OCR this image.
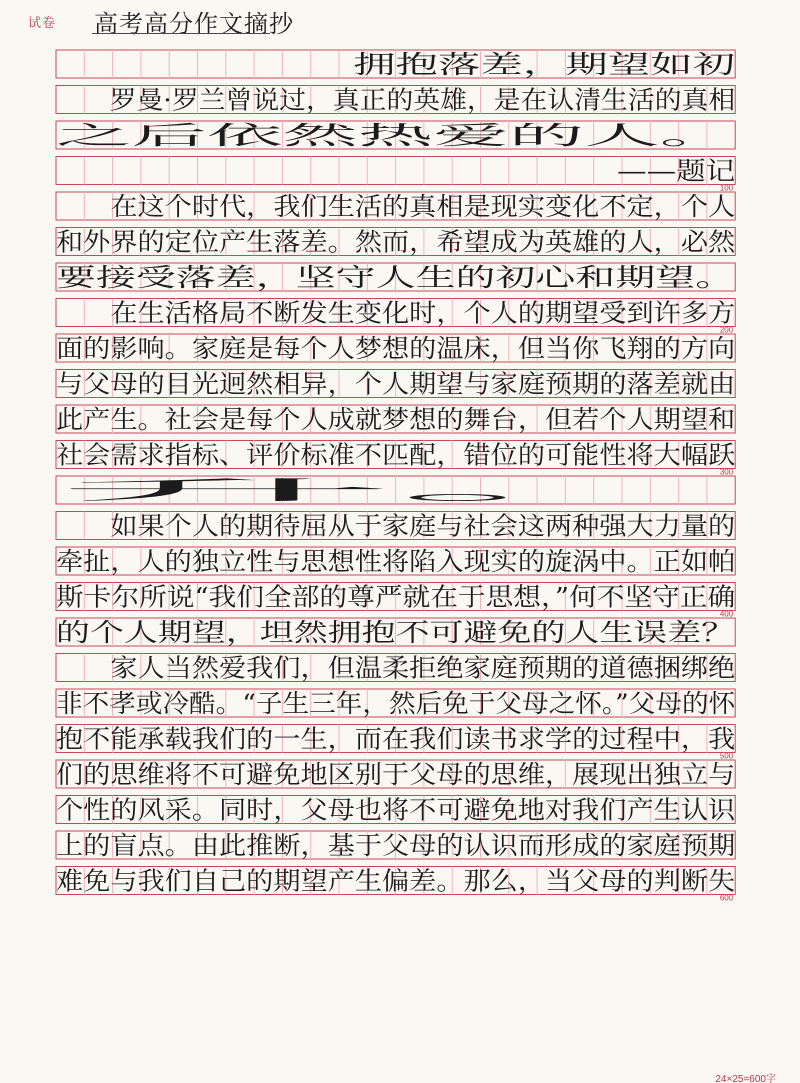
试卷 高考高分作文摘抄
　　　　　　　拥抱落差，期望如初
　　罗曼·罗兰曾说过，真正的英雄，是在认清生活的真相
之后依然热爱的人。
　　　　　　　　　　　　　　　　　　　——题记
100
　　在这个时代，我们生活的真相是现实变化不定，个人
和外界的定位产生落差。然而，希望成为英雄的人，必然
要接受落差，坚守人生的初心和期望。
　　在生活格局不断发生变化时，个人的期望受到许多方
200
面的影响。家庭是每个人梦想的温床，但当你飞翔的方向
与父母的目光迥然相异，个人期望与家庭预期的落差就由
此产生。社会是每个人成就梦想的舞台，但若个人期望和
社会需求指标、评价标准不匹配，错位的可能性将大幅跃
300
升。
　　如果个人的期待屈从于家庭与社会这两种强大力量的
牵扯，人的独立性与思想性将陷入现实的旋涡中。正如帕
斯卡尔所说“我们全部的尊严就在于思想，”何不坚守正确
400
的个人期望，坦然拥抱不可避免的人生误差？
　　家人当然爱我们，但温柔拒绝家庭预期的道德捆绑绝
非不孝或冷酷。“子生三年，然后免于父母之怀。”父母的怀
抱不能承载我们的一生，而在我们读书求学的过程中，我
500
们的思维将不可避免地区别于父母的思维，展现出独立与
个性的风采。同时，父母也将不可避免地对我们产生认识
上的盲点。由此推断，基于父母的认识而形成的家庭预期
难免与我们自己的期望产生偏差。那么，当父母的判断失
600
24×25=600字
